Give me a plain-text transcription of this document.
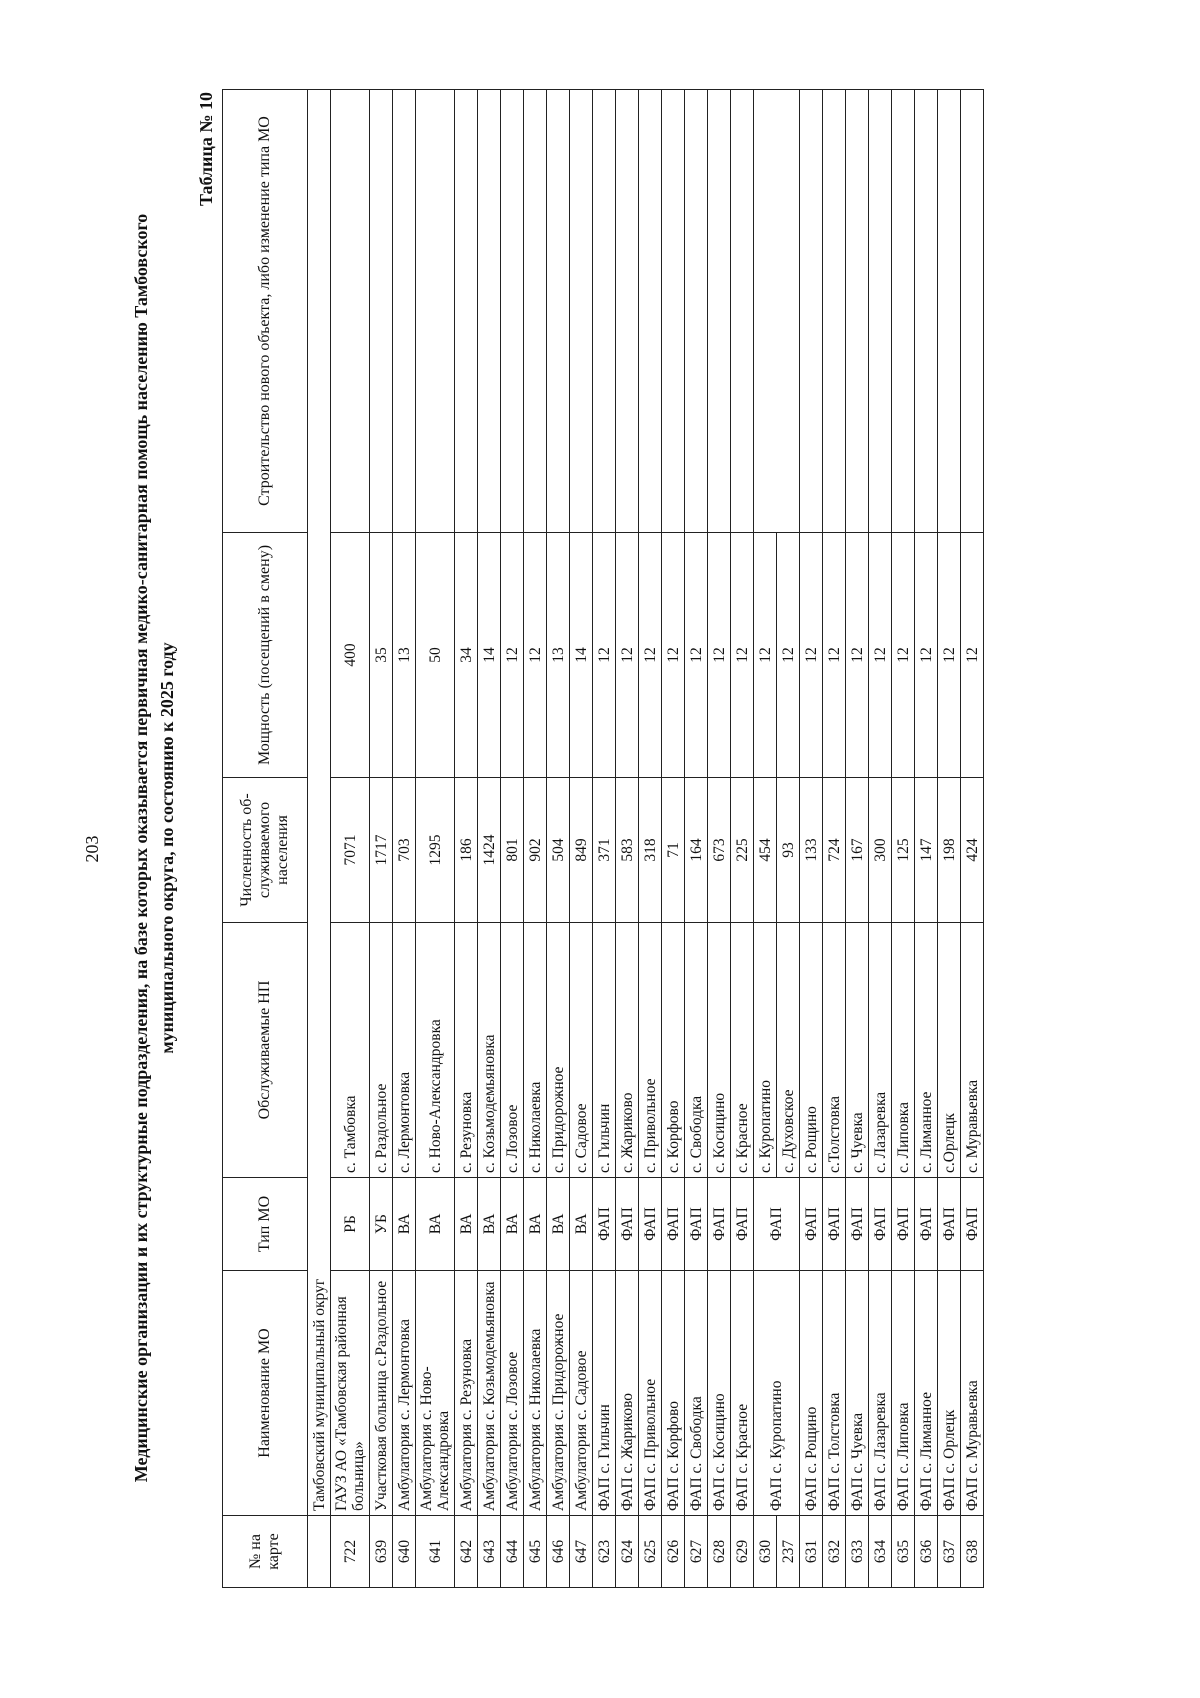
203 Медицинские организации и их структурные подразделения, на базе которых оказывается первичная медико-санитарная помощь населению Тамбовского муниципального округа, по состоянию к 2025 году
Таблица № 10
№ на карте	Наименование МО	Тип МО	Обслуживаемые НП	Численность об-служиваемого населения	Мощность (посещений в смену)	Строительство нового объекта, либо изменение типа МО
	Тамбовский муниципальный округ					
722	ГАУЗ АО «Тамбовская районная больница»	РБ	с. Тамбовка	7071	400	
639	Участковая больница с.Раздольное	УБ	с. Раздольное	1717	35	
640	Амбулатория с. Лермонтовка	ВА	с. Лермонтовка	703	13	
641	Амбулатория с. Ново-Александровка	ВА	с. Ново-Александровка	1295	50	
642	Амбулатория с. Резуновка	ВА	с. Резуновка	186	34	
643	Амбулатория с. Козьмодемьяновка	ВА	с. Козьмодемьяновка	1424	14	
644	Амбулатория с. Лозовое	ВА	с. Лозовое	801	12	
645	Амбулатория с. Николаевка	ВА	с. Николаевка	902	12	
646	Амбулатория с. Придорожное	ВА	с. Придорожное	504	13	
647	Амбулатория с. Садовое	ВА	с. Садовое	849	14	
623	ФАП с. Гильчин	ФАП	с. Гильчин	371	12	
624	ФАП с. Жариково	ФАП	с. Жариково	583	12	
625	ФАП с. Привольное	ФАП	с. Привольное	318	12	
626	ФАП с. Корфово	ФАП	с. Корфово	71	12	
627	ФАП с. Свободка	ФАП	с. Свободка	164	12	
628	ФАП с. Косицино	ФАП	с. Косицино	673	12	
629	ФАП с. Красное	ФАП	с. Красное	225	12	
630	ФАП с. Куропатино	ФАП	с. Куропатино	454	12	
237			с. Духовское	93	12	
631	ФАП с. Рощино	ФАП	с. Рощино	133	12	
632	ФАП с. Толстовка	ФАП	с.Толстовка	724	12	
633	ФАП с. Чуевка	ФАП	с. Чуевка	167	12	
634	ФАП с. Лазаревка	ФАП	с. Лазаревка	300	12	
635	ФАП с. Липовка	ФАП	с. Липовка	125	12	
636	ФАП с. Лиманное	ФАП	с. Лиманное	147	12	
637	ФАП с. Орлецк	ФАП	с.Орлецк	198	12	
638	ФАП с. Муравьевка	ФАП	с. Муравьевка	424	12	
